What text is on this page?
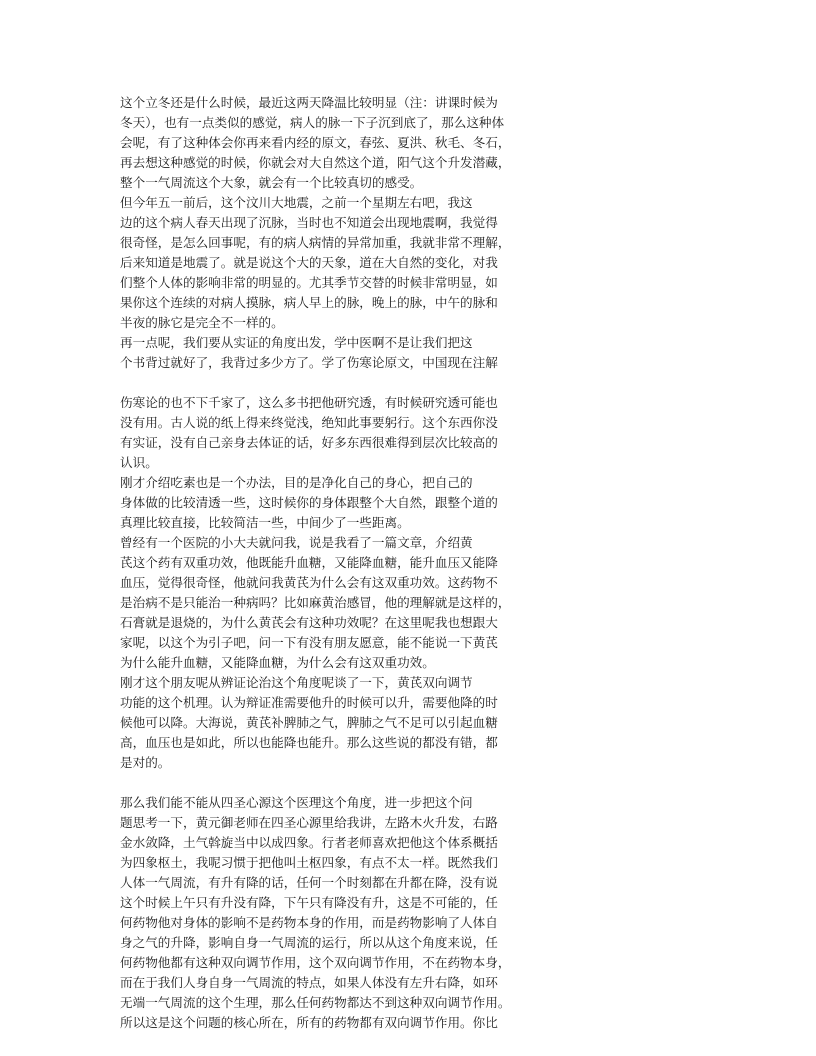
这个立冬还是什么时候，最近这两天降温比较明显（注：讲课时候为
冬天），也有一点类似的感觉，病人的脉一下子沉到底了，那么这种体
会呢，有了这种体会你再来看内经的原文，春弦、夏洪、秋毛、冬石，
再去想这种感觉的时候，你就会对大自然这个道，阳气这个升发潜藏，
整个一气周流这个大象，就会有一个比较真切的感受。
但今年五一前后，这个汶川大地震，之前一个星期左右吧，我这
边的这个病人春天出现了沉脉，当时也不知道会出现地震啊，我觉得
很奇怪，是怎么回事呢，有的病人病情的异常加重，我就非常不理解，
后来知道是地震了。就是说这个大的天象，道在大自然的变化，对我
们整个人体的影响非常的明显的。尤其季节交替的时候非常明显，如
果你这个连续的对病人摸脉，病人早上的脉，晚上的脉，中午的脉和
半夜的脉它是完全不一样的。
再一点呢，我们要从实证的角度出发，学中医啊不是让我们把这
个书背过就好了，我背过多少方了。学了伤寒论原文，中国现在注解
伤寒论的也不下千家了，这么多书把他研究透，有时候研究透可能也
没有用。古人说的纸上得来终觉浅，绝知此事要躬行。这个东西你没
有实证，没有自己亲身去体证的话，好多东西很难得到层次比较高的
认识。
刚才介绍吃素也是一个办法，目的是净化自己的身心，把自己的
身体做的比较清透一些，这时候你的身体跟整个大自然，跟整个道的
真理比较直接，比较简洁一些，中间少了一些距离。
曾经有一个医院的小大夫就问我，说是我看了一篇文章，介绍黄
芪这个药有双重功效，他既能升血糖，又能降血糖，能升血压又能降
血压，觉得很奇怪，他就问我黄芪为什么会有这双重功效。这药物不
是治病不是只能治一种病吗？比如麻黄治感冒，他的理解就是这样的，
石膏就是退烧的，为什么黄芪会有这种功效呢？在这里呢我也想跟大
家呢，以这个为引子吧，问一下有没有朋友愿意，能不能说一下黄芪
为什么能升血糖，又能降血糖，为什么会有这双重功效。
刚才这个朋友呢从辨证论治这个角度呢谈了一下，黄芪双向调节
功能的这个机理。认为辩证准需要他升的时候可以升，需要他降的时
候他可以降。大海说，黄芪补脾肺之气，脾肺之气不足可以引起血糖
高，血压也是如此，所以也能降也能升。那么这些说的都没有错，都
是对的。
那么我们能不能从四圣心源这个医理这个角度，进一步把这个问
题思考一下，黄元御老师在四圣心源里给我讲，左路木火升发，右路
金水敛降，土气斡旋当中以成四象。行者老师喜欢把他这个体系概括
为四象枢土，我呢习惯于把他叫土枢四象，有点不太一样。既然我们
人体一气周流，有升有降的话，任何一个时刻都在升都在降，没有说
这个时候上午只有升没有降，下午只有降没有升，这是不可能的，任
何药物他对身体的影响不是药物本身的作用，而是药物影响了人体自
身之气的升降，影响自身一气周流的运行，所以从这个角度来说，任
何药物他都有这种双向调节作用，这个双向调节作用，不在药物本身，
而在于我们人身自身一气周流的特点，如果人体没有左升右降，如环
无端一气周流的这个生理，那么任何药物都达不到这种双向调节作用。
所以这是这个问题的核心所在，所有的药物都有双向调节作用。你比
